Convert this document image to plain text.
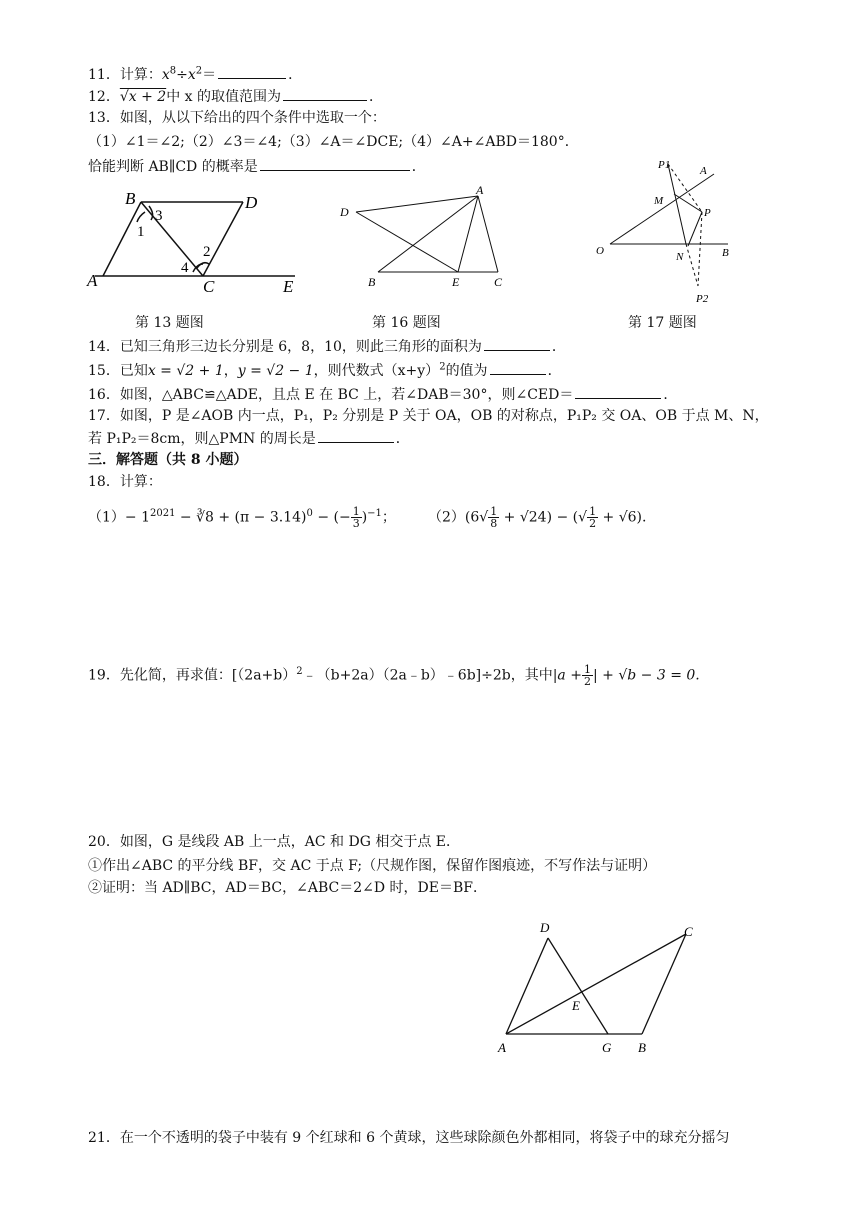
11．计算：$x^8\div x^2=$	．
12．√x + 2中 x 的取值范围为	．
13．如图，从以下给出的四个条件中选取一个：
（1）∠1＝∠2;（2）∠3＝∠4;（3）∠A＝∠DCE;（4）∠A+∠ABD＝180°．
恰能判断 AB∥CD 的概率是	．
B	D
A	C	E
1
2
3
4
D
A
B	E	C
P1	A
M
P
O	N	B
P2
第 13 题图	第 16 题图	第 17 题图
14．已知三角形三边长分别是 6，8，10，则此三角形的面积为	．
15．已知x = √2 + 1，y = √2 − 1，则代数式$(x+y)^2$的值为	．
16．如图，△ABC≌△ADE，且点 E 在 BC 上，若∠DAB＝30°，则∠CED＝	．
17．如图，P 是∠AOB 内一点，P₁，P₂ 分别是 P 关于 OA，OB 的对称点，P₁P₂ 交 OA、OB 于点 M、N，
若 P₁P₂＝8cm，则△PMN 的周长是	．
三．解答题（共 8 小题）
18．计算：
$(1)- 1^{2021}$ − ∛8 + $(\pi - 3.14)^0$ − (− $\frac{1}{3} )^{-1}$；	$(2)(6√ \frac{1}{8} + √24)$ − (√ $\frac{1}{2} + √6$).
19．先化简，再求值：$[(2a+b)^2﹣(b+2a)(2a﹣b)﹣6b]\div 2b$，其中$|a + \frac{1}{2}$ | + √b − 3 = 0.
20．如图，G 是线段 AB 上一点，AC 和 DG 相交于点 E．
①作出∠ABC 的平分线 BF，交 AC 于点 F;（尺规作图，保留作图痕迹，不写作法与证明）
②证明：当 AD∥BC，AD＝BC，∠ABC＝2∠D 时，DE＝BF．
D	C
E
A	G B
21．在一个不透明的袋子中装有 9 个红球和 6 个黄球，这些球除颜色外都相同，将袋子中的球充分摇匀
